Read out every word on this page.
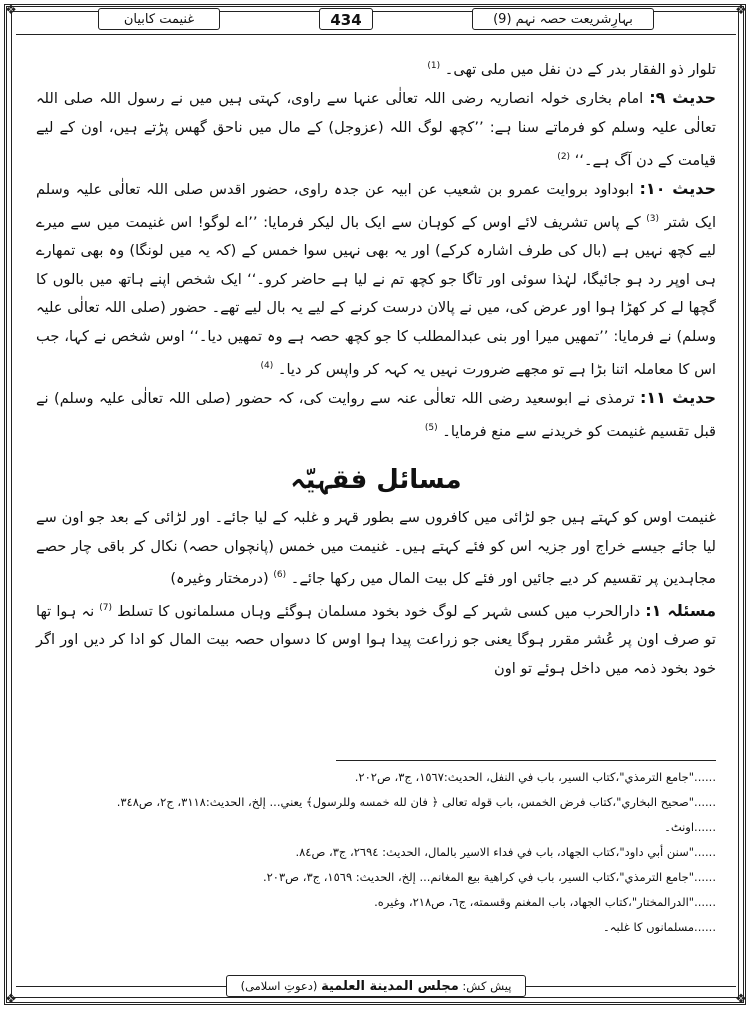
❖	❖
❖	❖
بہارِشریعت حصہ نہم (9)
434
غنیمت کابیان

تلوار ذو الفقار بدر کے دن نفل میں ملی تھی۔ $^{(1)}$

حدیث ۹: امام بخاری خولہ انصاریہ رضی اللہ تعالٰی عنہا سے راوی، کہتی ہیں میں نے رسول اللہ صلی اللہ تعالٰی علیہ وسلم کو فرماتے سنا ہے: ’’کچھ لوگ اللہ (عزوجل) کے مال میں ناحق گھس پڑتے ہیں، اون کے لیے قیامت کے دن آگ ہے۔‘‘ $^{(2)}$

حدیث ۱۰: ابوداود بروایت عمرو بن شعیب عن ابیہ عن جدہ راوی، حضور اقدس صلی اللہ تعالٰی علیہ وسلم ایک شتر $^{(3)}$ کے پاس تشریف لائے اوس کے کوہان سے ایک بال لیکر فرمایا: ’’اے لوگو! اس غنیمت میں سے میرے لیے کچھ نہیں ہے (بال کی طرف اشارہ کرکے) اور یہ بھی نہیں سوا خمس کے (کہ یہ میں لونگا) وہ بھی تمھارے ہی اوپر رد ہو جائیگا، لہٰذا سوئی اور تاگا جو کچھ تم نے لیا ہے حاضر کرو۔‘‘ ایک شخص اپنے ہاتھ میں بالوں کا گچھا لے کر کھڑا ہوا اور عرض کی، میں نے پالان درست کرنے کے لیے یہ بال لیے تھے۔ حضور (صلی اللہ تعالٰی علیہ وسلم) نے فرمایا: ’’تمھیں میرا اور بنی عبدالمطلب کا جو کچھ حصہ ہے وہ تمھیں دیا۔‘‘ اوس شخص نے کہا، جب اس کا معاملہ اتنا بڑا ہے تو مجھے ضرورت نہیں یہ کہہ کر واپس کر دیا۔ $^{(4)}$

حدیث ۱۱: ترمذی نے ابوسعید رضی اللہ تعالٰی عنہ سے روایت کی، کہ حضور (صلی اللہ تعالٰی علیہ وسلم) نے قبل تقسیم غنیمت کو خریدنے سے منع فرمایا۔ $^{(5)}$

مسائل فقہیّہ

غنیمت اوس کو کہتے ہیں جو لڑائی میں کافروں سے بطور قہر و غلبہ کے لیا جائے۔ اور لڑائی کے بعد جو اون سے لیا جائے جیسے خراج اور جزیہ اس کو فئے کہتے ہیں۔ غنیمت میں خمس (پانچواں حصہ) نکال کر باقی چار حصے مجاہدین پر تقسیم کر دیے جائیں اور فئے کل بیت المال میں رکھا جائے۔ $^{(6)}$ (درمختار وغیرہ)

مسئلہ ۱: دارالحرب میں کسی شہر کے لوگ خود بخود مسلمان ہوگئے وہاں مسلمانوں کا تسلط $^{(7)}$ نہ ہوا تھا تو صرف اون پر عُشر مقرر ہوگا یعنی جو زراعت پیدا ہوا اوس کا دسواں حصہ بیت المال کو ادا کر دیں اور اگر خود بخود ذمہ میں داخل ہوئے تو اون

......"جامع الترمذي"،كتاب السير، باب في النفل، الحديث:١٥٦٧، ج٣، ص٢٠٢.
......"صحيح البخاري"،كتاب فرض الخمس، باب قوله تعالى ﴿ فان لله خمسه وللرسول﴾ يعني... إلخ، الحديث:٣١١٨، ج٢، ص٣٤٨.
......اونٹ۔
......"سنن أبي داود"،كتاب الجهاد، باب في فداء الاسير بالمال، الحديث: ٢٦٩٤، ج٣، ص٨٤.
......"جامع الترمذي"،كتاب السير، باب في كراهية بيع المغانم... إلخ، الحديث: ١٥٦٩، ج٣، ص٢٠٣.
......"الدرالمختار"،كتاب الجهاد، باب المغنم وقسمته، ج٦، ص٢١٨، وغيره.
......مسلمانوں کا غلبہ۔
پیش کش: مجلس المدینة العلمیة (دعوتِ اسلامی)
